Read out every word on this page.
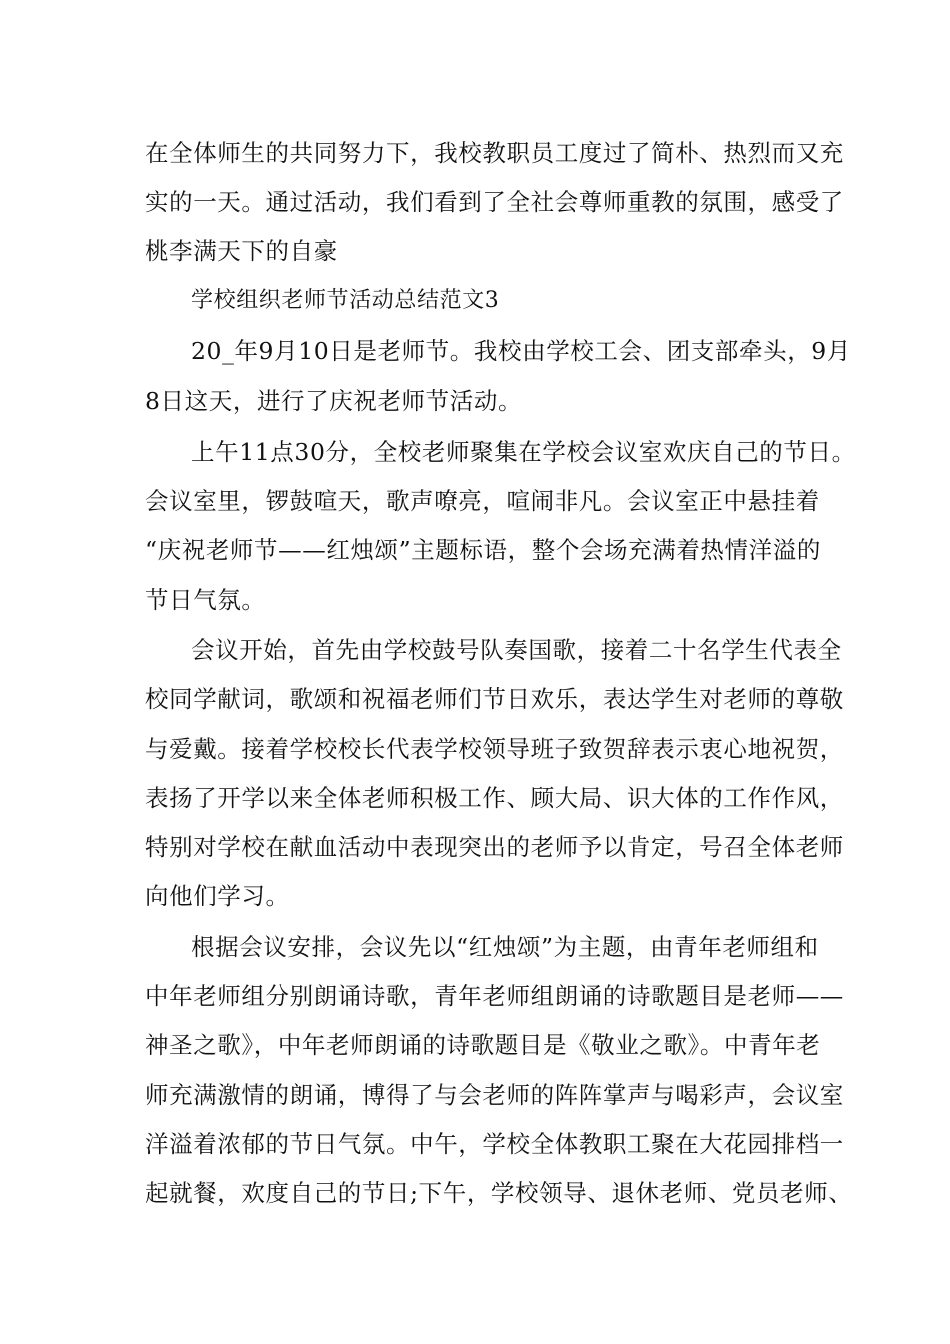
在全体师生的共同努力下，我校教职员工度过了简朴、热烈而又充
实的一天。通过活动，我们看到了全社会尊师重教的氛围，感受了
桃李满天下的自豪
学校组织老师节活动总结范文3
20_年9月10日是老师节。我校由学校工会、团支部牵头，9月
8日这天，进行了庆祝老师节活动。
上午11点30分，全校老师聚集在学校会议室欢庆自己的节日。
会议室里，锣鼓喧天，歌声嘹亮，喧闹非凡。会议室正中悬挂着
“庆祝老师节——红烛颂”主题标语，整个会场充满着热情洋溢的
节日气氛。
会议开始，首先由学校鼓号队奏国歌，接着二十名学生代表全
校同学献词，歌颂和祝福老师们节日欢乐，表达学生对老师的尊敬
与爱戴。接着学校校长代表学校领导班子致贺辞表示衷心地祝贺，
表扬了开学以来全体老师积极工作、顾大局、识大体的工作作风，
特别对学校在献血活动中表现突出的老师予以肯定，号召全体老师
向他们学习。
根据会议安排，会议先以“红烛颂”为主题，由青年老师组和
中年老师组分别朗诵诗歌，青年老师组朗诵的诗歌题目是老师——
神圣之歌》，中年老师朗诵的诗歌题目是《敬业之歌》。中青年老
师充满激情的朗诵，博得了与会老师的阵阵掌声与喝彩声，会议室
洋溢着浓郁的节日气氛。中午，学校全体教职工聚在大花园排档一
起就餐，欢度自己的节日;下午，学校领导、退休老师、党员老师、
